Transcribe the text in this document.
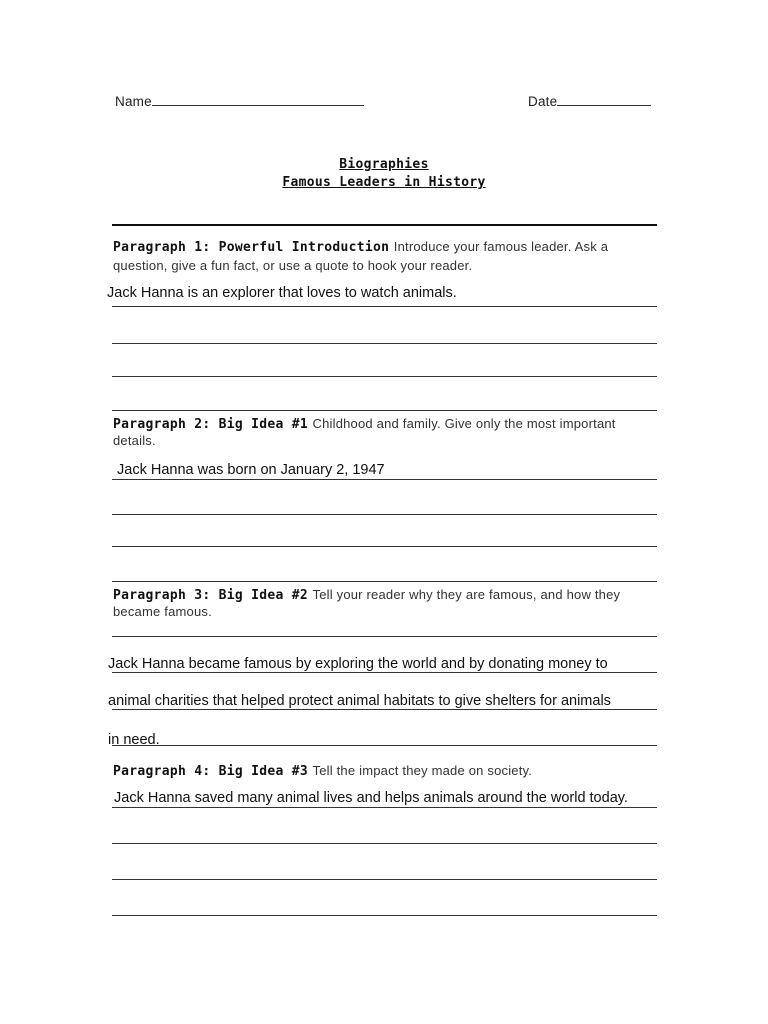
Name	Date
Biographies
Famous Leaders in History
Paragraph 1: Powerful Introduction Introduce your famous leader. Ask a
question, give a fun fact, or use a quote to hook your reader.
Jack Hanna is an explorer that loves to watch animals.
Paragraph 2: Big Idea #1 Childhood and family. Give only the most important
details.
Jack Hanna was born on January 2, 1947
Paragraph 3: Big Idea #2 Tell your reader why they are famous, and how they
became famous.
Jack Hanna became famous by exploring the world and by donating money to
animal charities that helped protect animal habitats to give shelters for animals
in need.
Paragraph 4: Big Idea #3 Tell the impact they made on society.
Jack Hanna saved many animal lives and helps animals around the world today.
